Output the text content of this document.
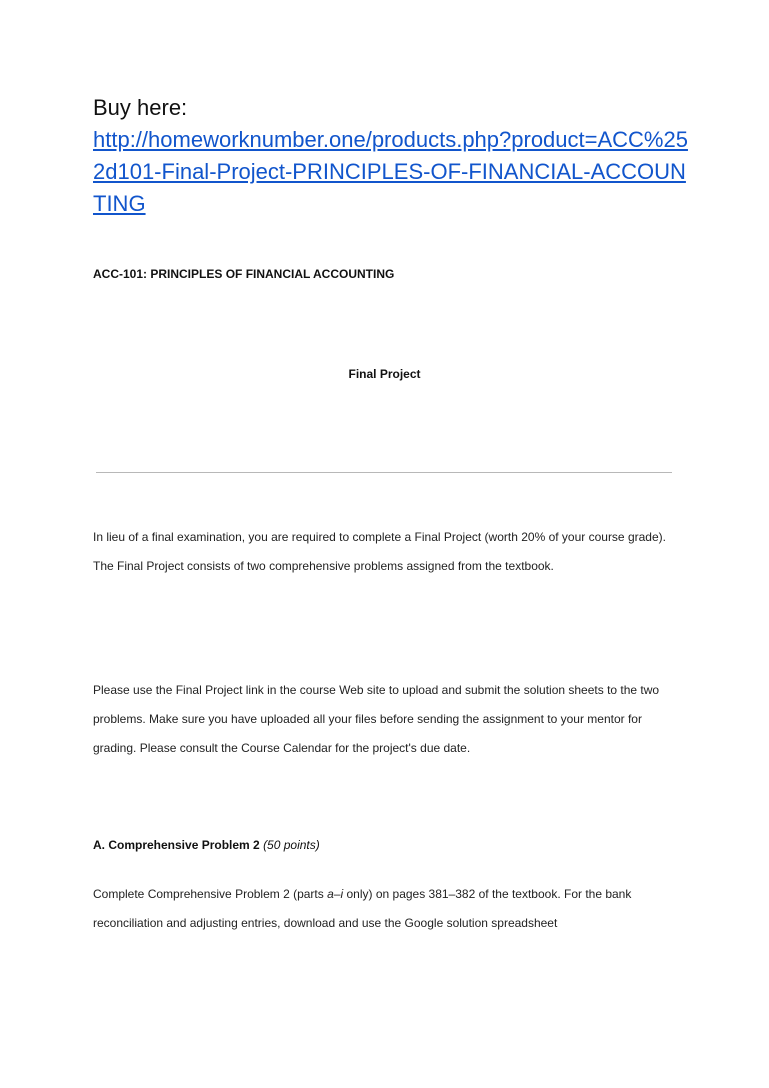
Buy here:
http://homeworknumber.one/products.php?product=ACC%252d101-Final-Project-PRINCIPLES-OF-FINANCIAL-ACCOUNTING
ACC-101: PRINCIPLES OF FINANCIAL ACCOUNTING
Final Project
In lieu of a final examination, you are required to complete a Final Project (worth 20% of your course grade). The Final Project consists of two comprehensive problems assigned from the textbook.
Please use the Final Project link in the course Web site to upload and submit the solution sheets to the two problems. Make sure you have uploaded all your files before sending the assignment to your mentor for grading. Please consult the Course Calendar for the project's due date.
A. Comprehensive Problem 2 (50 points)
Complete Comprehensive Problem 2 (parts a–i only) on pages 381–382 of the textbook. For the bank reconciliation and adjusting entries, download and use the Google solution spreadsheet
